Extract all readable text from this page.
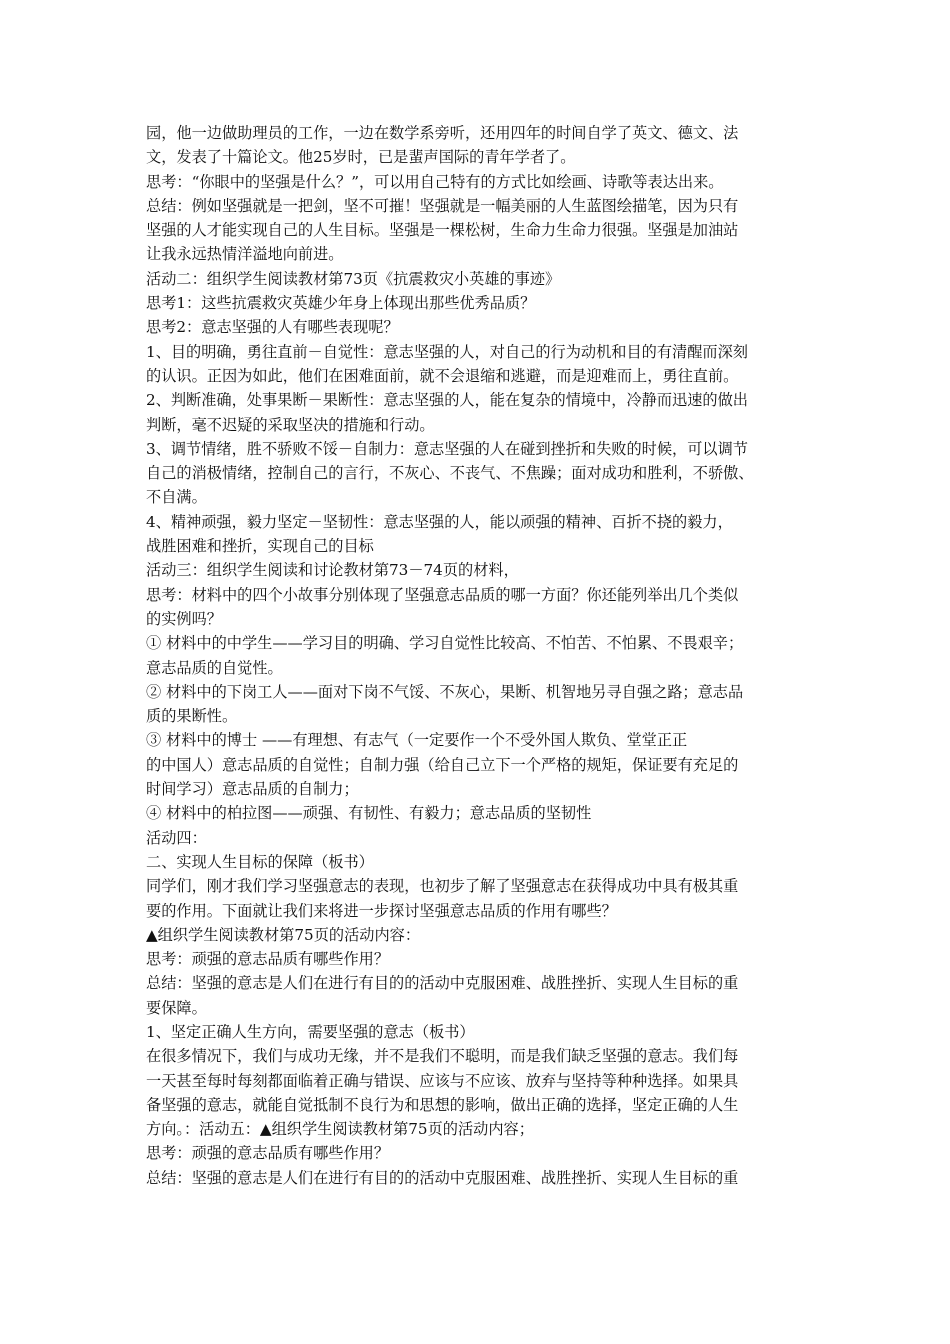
园，他一边做助理员的工作，一边在数学系旁听，还用四年的时间自学了英文、德文、法

文，发表了十篇论文。他25岁时，已是蜚声国际的青年学者了。

思考：“你眼中的坚强是什么？”，可以用自己特有的方式比如绘画、诗歌等表达出来。

总结：例如坚强就是一把剑，坚不可摧！坚强就是一幅美丽的人生蓝图绘描笔，因为只有

坚强的人才能实现自己的人生目标。坚强是一棵松树，生命力生命力很强。坚强是加油站

让我永远热情洋溢地向前进。

活动二：组织学生阅读教材第73页《抗震救灾小英雄的事迹》

思考1：这些抗震救灾英雄少年身上体现出那些优秀品质？

思考2：意志坚强的人有哪些表现呢？

1、目的明确，勇往直前－自觉性：意志坚强的人，对自己的行为动机和目的有清醒而深刻

的认识。正因为如此，他们在困难面前，就不会退缩和逃避，而是迎难而上，勇往直前。

2、判断准确，处事果断－果断性：意志坚强的人，能在复杂的情境中，冷静而迅速的做出

判断，毫不迟疑的采取坚决的措施和行动。

3、调节情绪，胜不骄败不馁－自制力：意志坚强的人在碰到挫折和失败的时候，可以调节

自己的消极情绪，控制自己的言行，不灰心、不丧气、不焦躁；面对成功和胜利，不骄傲、

不自满。

4、精神顽强，毅力坚定－坚韧性：意志坚强的人，能以顽强的精神、百折不挠的毅力，

战胜困难和挫折，实现自己的目标

活动三：组织学生阅读和讨论教材第73－74页的材料，

思考：材料中的四个小故事分别体现了坚强意志品质的哪一方面？你还能列举出几个类似

的实例吗？

① 材料中的中学生——学习目的明确、学习自觉性比较高、不怕苦、不怕累、不畏艰辛；

意志品质的自觉性。

② 材料中的下岗工人——面对下岗不气馁、不灰心，果断、机智地另寻自强之路；意志品

质的果断性。

③ 材料中的博士 ——有理想、有志气（一定要作一个不受外国人欺负、堂堂正正

的中国人）意志品质的自觉性；自制力强（给自己立下一个严格的规矩，保证要有充足的

时间学习）意志品质的自制力；

④ 材料中的柏拉图——顽强、有韧性、有毅力；意志品质的坚韧性

活动四：

二、实现人生目标的保障（板书）

同学们，刚才我们学习坚强意志的表现，也初步了解了坚强意志在获得成功中具有极其重

要的作用。下面就让我们来将进一步探讨坚强意志品质的作用有哪些？

▲组织学生阅读教材第75页的活动内容：

思考：顽强的意志品质有哪些作用？

总结：坚强的意志是人们在进行有目的的活动中克服困难、战胜挫折、实现人生目标的重

要保障。

1、坚定正确人生方向，需要坚强的意志（板书）

在很多情况下，我们与成功无缘，并不是我们不聪明，而是我们缺乏坚强的意志。我们每

一天甚至每时每刻都面临着正确与错误、应该与不应该、放弃与坚持等种种选择。如果具

备坚强的意志，就能自觉抵制不良行为和思想的影响，做出正确的选择，坚定正确的人生

方向。：活动五：▲组织学生阅读教材第75页的活动内容；

思考：顽强的意志品质有哪些作用？

总结：坚强的意志是人们在进行有目的的活动中克服困难、战胜挫折、实现人生目标的重
